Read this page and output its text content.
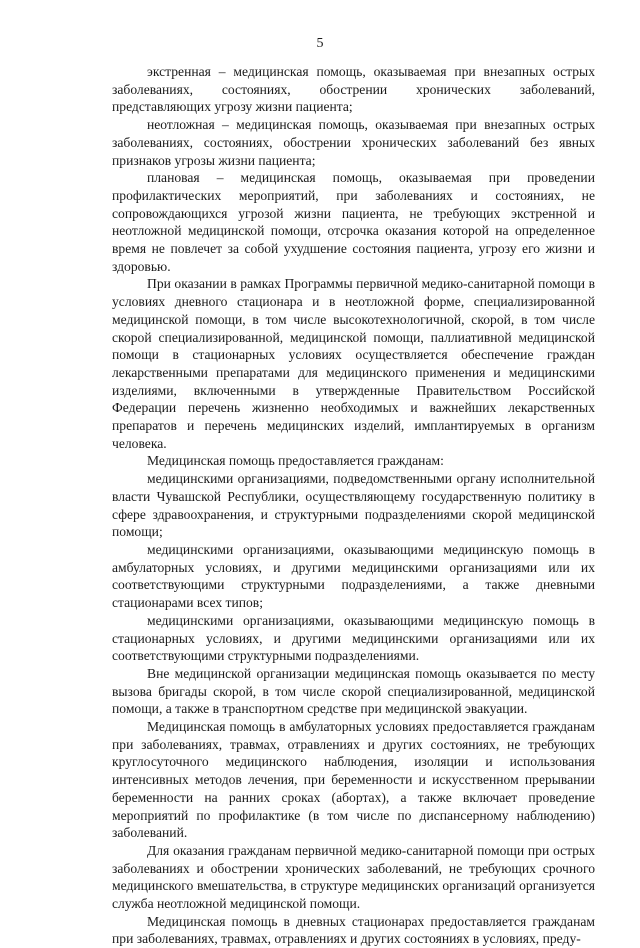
5

экстренная – медицинская помощь, оказываемая при внезапных острых заболеваниях, состояниях, обострении хронических заболеваний, представляющих угрозу жизни пациента;

неотложная – медицинская помощь, оказываемая при внезапных острых заболеваниях, состояниях, обострении хронических заболеваний без явных признаков угрозы жизни пациента;

плановая – медицинская помощь, оказываемая при проведении профилактических мероприятий, при заболеваниях и состояниях, не сопровождающихся угрозой жизни пациента, не требующих экстренной и неотложной медицинской помощи, отсрочка оказания которой на определенное время не повлечет за собой ухудшение состояния пациента, угрозу его жизни и здоровью.

При оказании в рамках Программы первичной медико-санитарной помощи в условиях дневного стационара и в неотложной форме, специализированной медицинской помощи, в том числе высокотехнологичной, скорой, в том числе скорой специализированной, медицинской помощи, паллиативной медицинской помощи в стационарных условиях осуществляется обеспечение граждан лекарственными препаратами для медицинского применения и медицинскими изделиями, включенными в утвержденные Правительством Российской Федерации перечень жизненно необходимых и важнейших лекарственных препаратов и перечень медицинских изделий, имплантируемых в организм человека.

Медицинская помощь предоставляется гражданам:

медицинскими организациями, подведомственными органу исполнительной власти Чувашской Республики, осуществляющему государственную политику в сфере здравоохранения, и структурными подразделениями скорой медицинской помощи;

медицинскими организациями, оказывающими медицинскую помощь в амбулаторных условиях, и другими медицинскими организациями или их соответствующими структурными подразделениями, а также дневными стационарами всех типов;

медицинскими организациями, оказывающими медицинскую помощь в стационарных условиях, и другими медицинскими организациями или их соответствующими структурными подразделениями.

Вне медицинской организации медицинская помощь оказывается по месту вызова бригады скорой, в том числе скорой специализированной, медицинской помощи, а также в транспортном средстве при медицинской эвакуации.

Медицинская помощь в амбулаторных условиях предоставляется гражданам при заболеваниях, травмах, отравлениях и других состояниях, не требующих круглосуточного медицинского наблюдения, изоляции и использования интенсивных методов лечения, при беременности и искусственном прерывании беременности на ранних сроках (абортах), а также включает проведение мероприятий по профилактике (в том числе по диспансерному наблюдению) заболеваний.

Для оказания гражданам первичной медико-санитарной помощи при острых заболеваниях и обострении хронических заболеваний, не требующих срочного медицинского вмешательства, в структуре медицинских организаций организуется служба неотложной медицинской помощи.

Медицинская помощь в дневных стационарах предоставляется гражданам при заболеваниях, травмах, отравлениях и других состояниях в условиях, преду-
